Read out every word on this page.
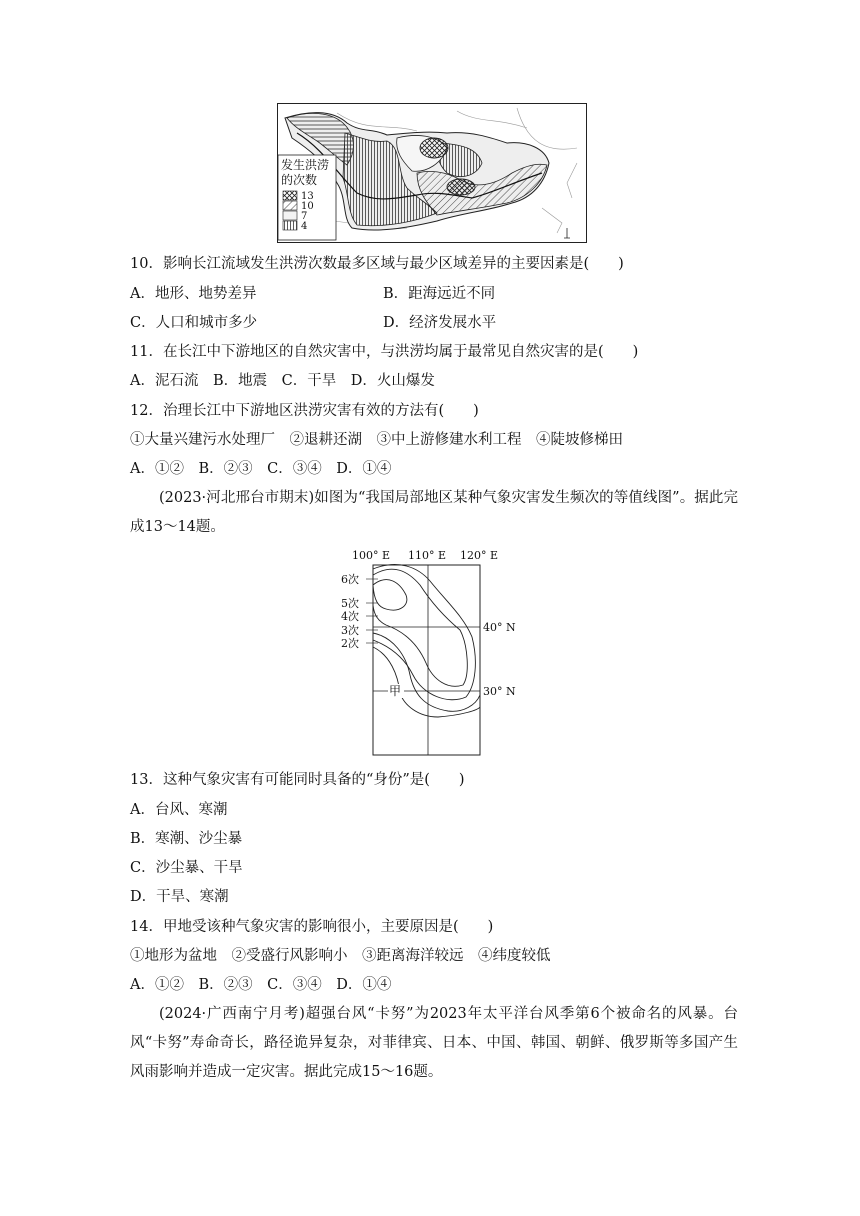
发生洪涝
的次数
13
10
7
4
10．影响长江流域发生洪涝次数最多区域与最少区域差异的主要因素是(　　)
A．地形、地势差异	B．距海远近不同
C．人口和城市多少	D．经济发展水平
11．在长江中下游地区的自然灾害中，与洪涝均属于最常见自然灾害的是(　　)
A．泥石流　B．地震　C．干旱　D．火山爆发
12．治理长江中下游地区洪涝灾害有效的方法有(　　)
①大量兴建污水处理厂　②退耕还湖　③中上游修建水利工程　④陡坡修梯田
A．①②　B．②③　C．③④　D．①④
(2023·河北邢台市期末)如图为“我国局部地区某种气象灾害发生频次的等值线图”。据此完成13～14题。
100° E 110° E 120° E
6次
5次
4次
3次
2次
40° N
30° N
甲
13．这种气象灾害有可能同时具备的“身份”是(　　)
A．台风、寒潮
B．寒潮、沙尘暴
C．沙尘暴、干旱
D．干旱、寒潮
14．甲地受该种气象灾害的影响很小，主要原因是(　　)
①地形为盆地　②受盛行风影响小　③距离海洋较远　④纬度较低
A．①②　B．②③　C．③④　D．①④
(2024·广西南宁月考)超强台风“卡努”为2023年太平洋台风季第6个被命名的风暴。台风“卡努”寿命奇长，路径诡异复杂，对菲律宾、日本、中国、韩国、朝鲜、俄罗斯等多国产生风雨影响并造成一定灾害。据此完成15～16题。
